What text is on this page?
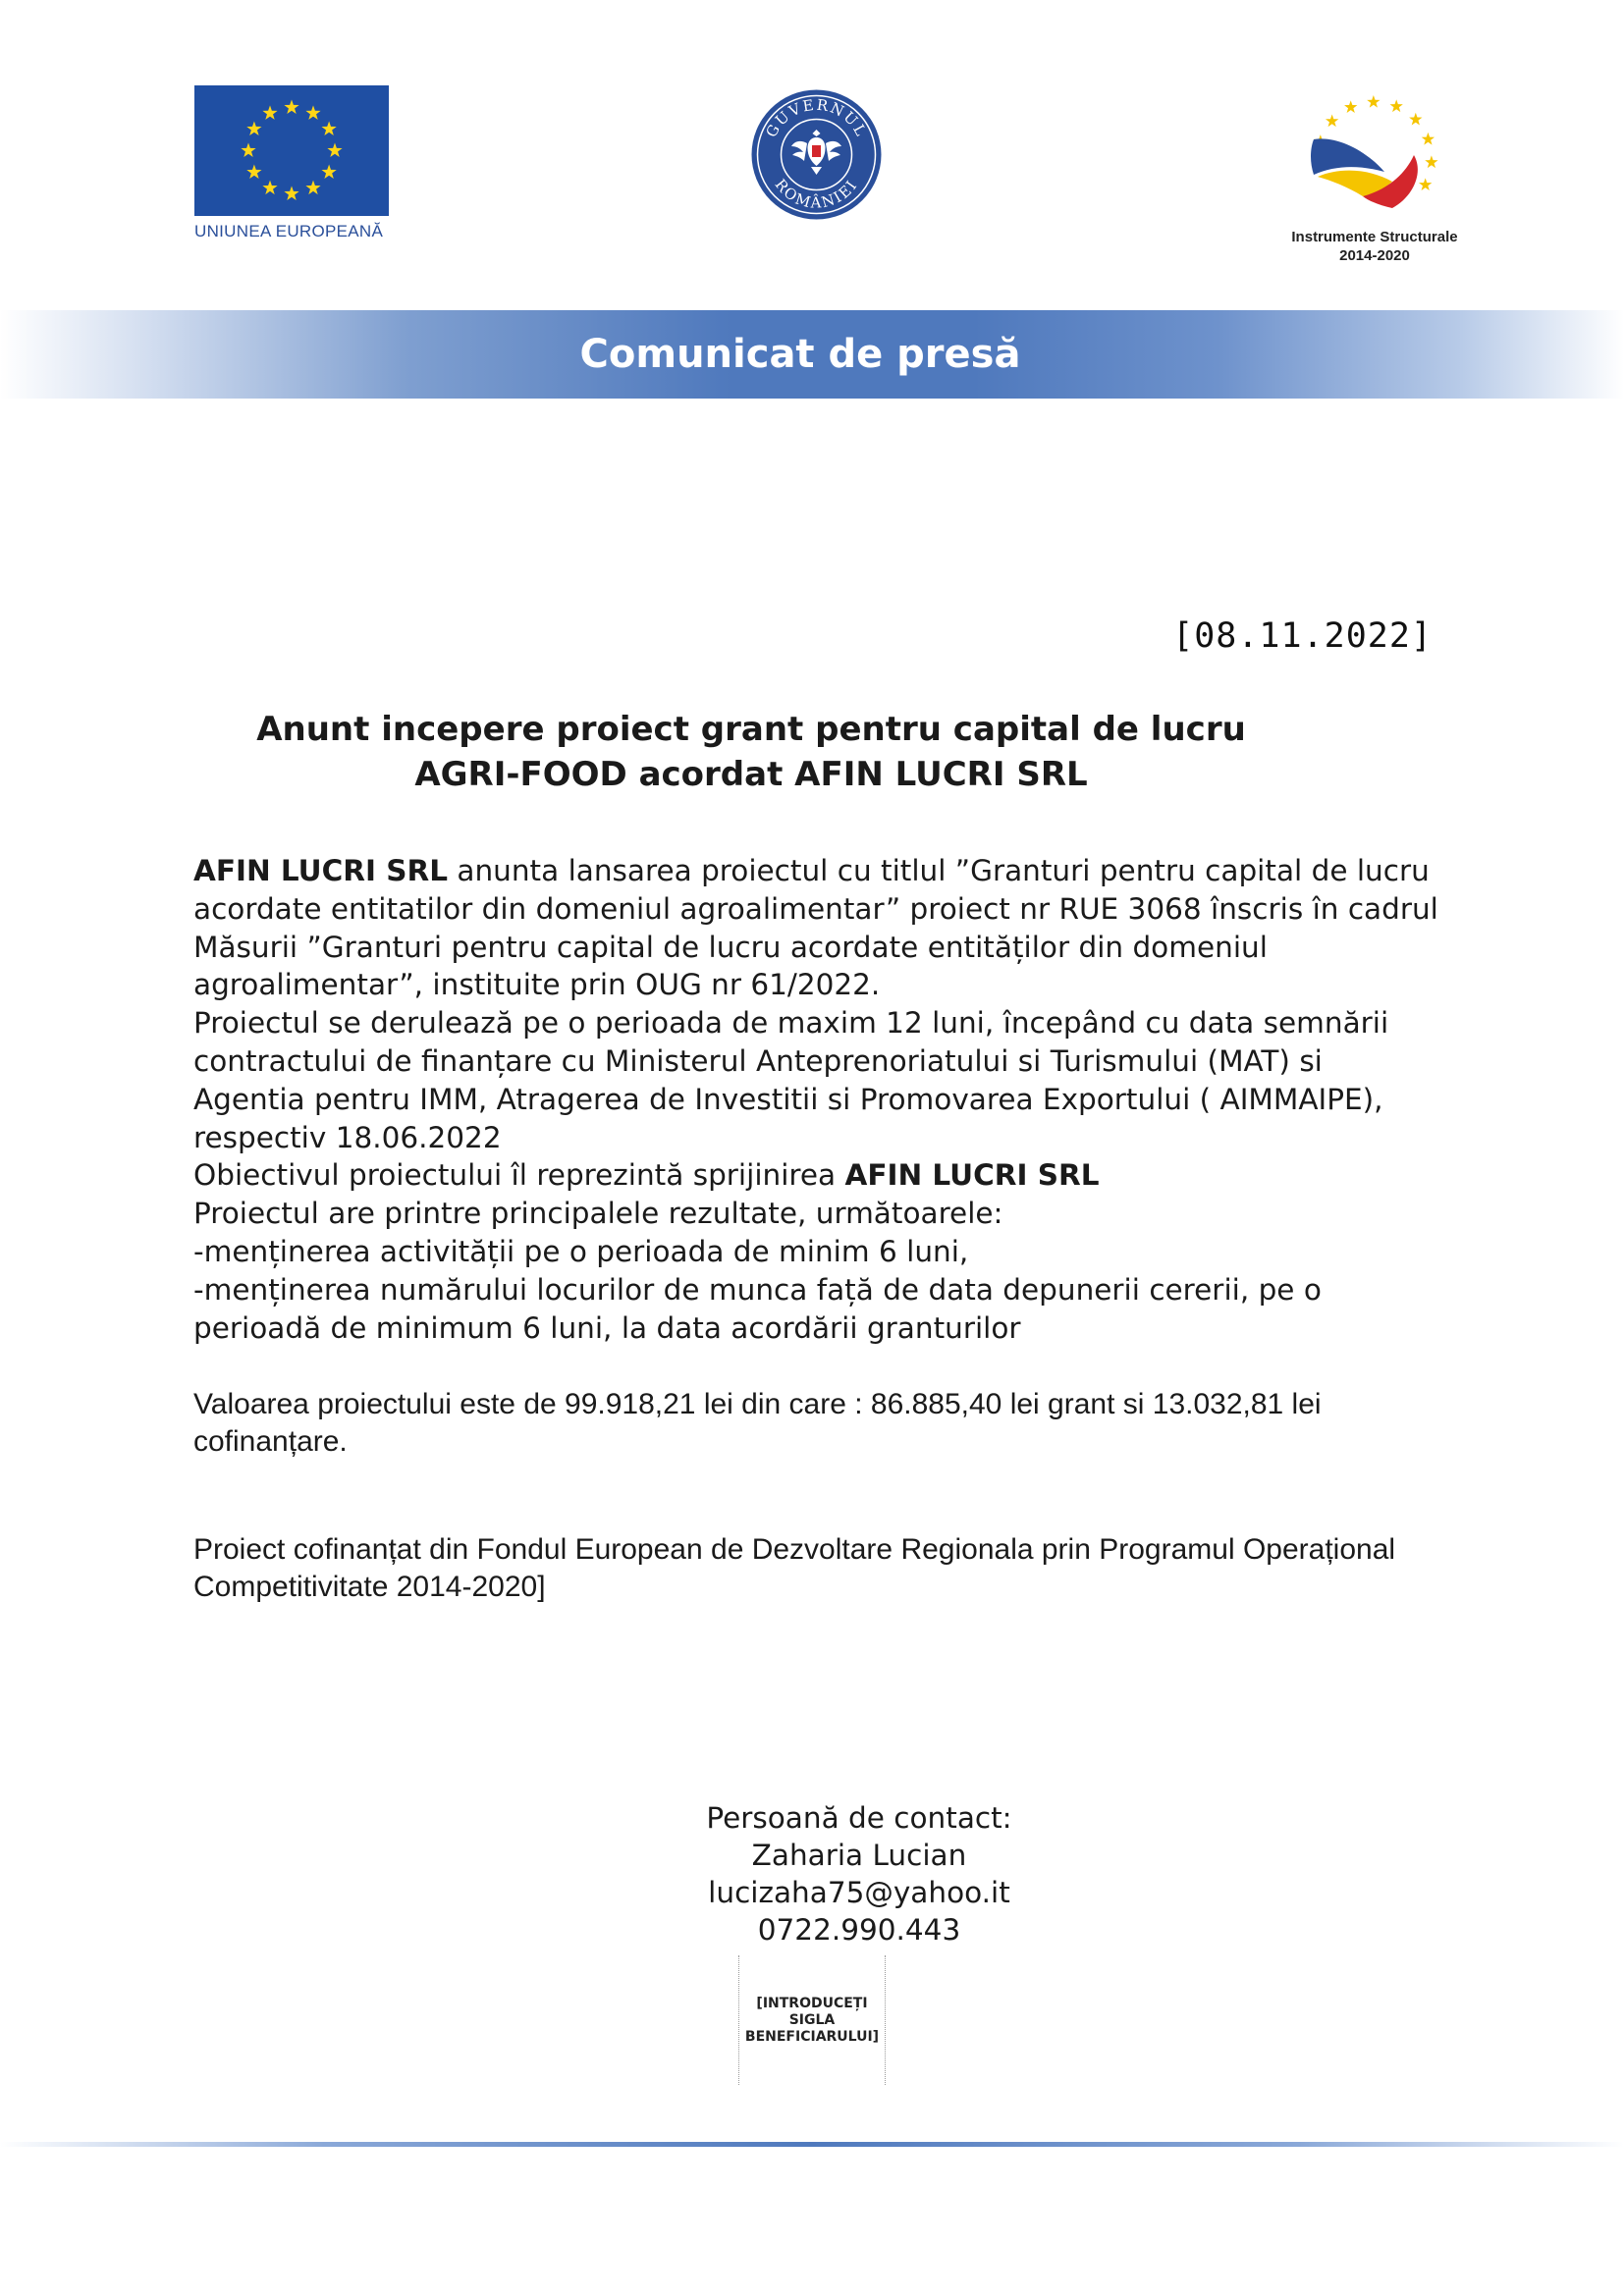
UNIUNEA EUROPEANĂ
GUVERNUL
ROMÂNIEI
Instrumente Structurale
2014-2020
Comunicat de presă
[08.11.2022]
Anunt incepere proiect grant pentru capital de lucru AGRI-FOOD acordat AFIN LUCRI SRL

AFIN LUCRI SRL anunta lansarea proiectul cu titlul ”Granturi pentru capital de lucru acordate entitatilor din domeniul agroalimentar” proiect nr RUE 3068 înscris în cadrul Măsurii ”Granturi pentru capital de lucru acordate entităților din domeniul agroalimentar”, instituite prin OUG nr 61/2022.

Proiectul se derulează pe o perioada de maxim 12 luni, începând cu data semnării contractului de finanțare cu Ministerul Anteprenoriatului si Turismului (MAT) si Agentia pentru IMM, Atragerea de Investitii si Promovarea Exportului ( AIMMAIPE), respectiv 18.06.2022

Obiectivul proiectului îl reprezintă sprijinirea AFIN LUCRI SRL

Proiectul are printre principalele rezultate, următoarele:

-menținerea activității pe o perioada de minim 6 luni,

-menținerea numărului locurilor de munca față de data depunerii cererii, pe o perioadă de minimum 6 luni, la data acordării granturilor

Valoarea proiectului este de 99.918,21 lei din care : 86.885,40 lei grant si 13.032,81 lei cofinanțare.
Proiect cofinanțat din Fondul European de Dezvoltare Regionala prin Programul Operațional Competitivitate 2014-2020]
Persoană de contact:
Zaharia Lucian
lucizaha75@yahoo.it
0722.990.443
[INTRODUCEȚI SIGLA BENEFICIARULUI]
